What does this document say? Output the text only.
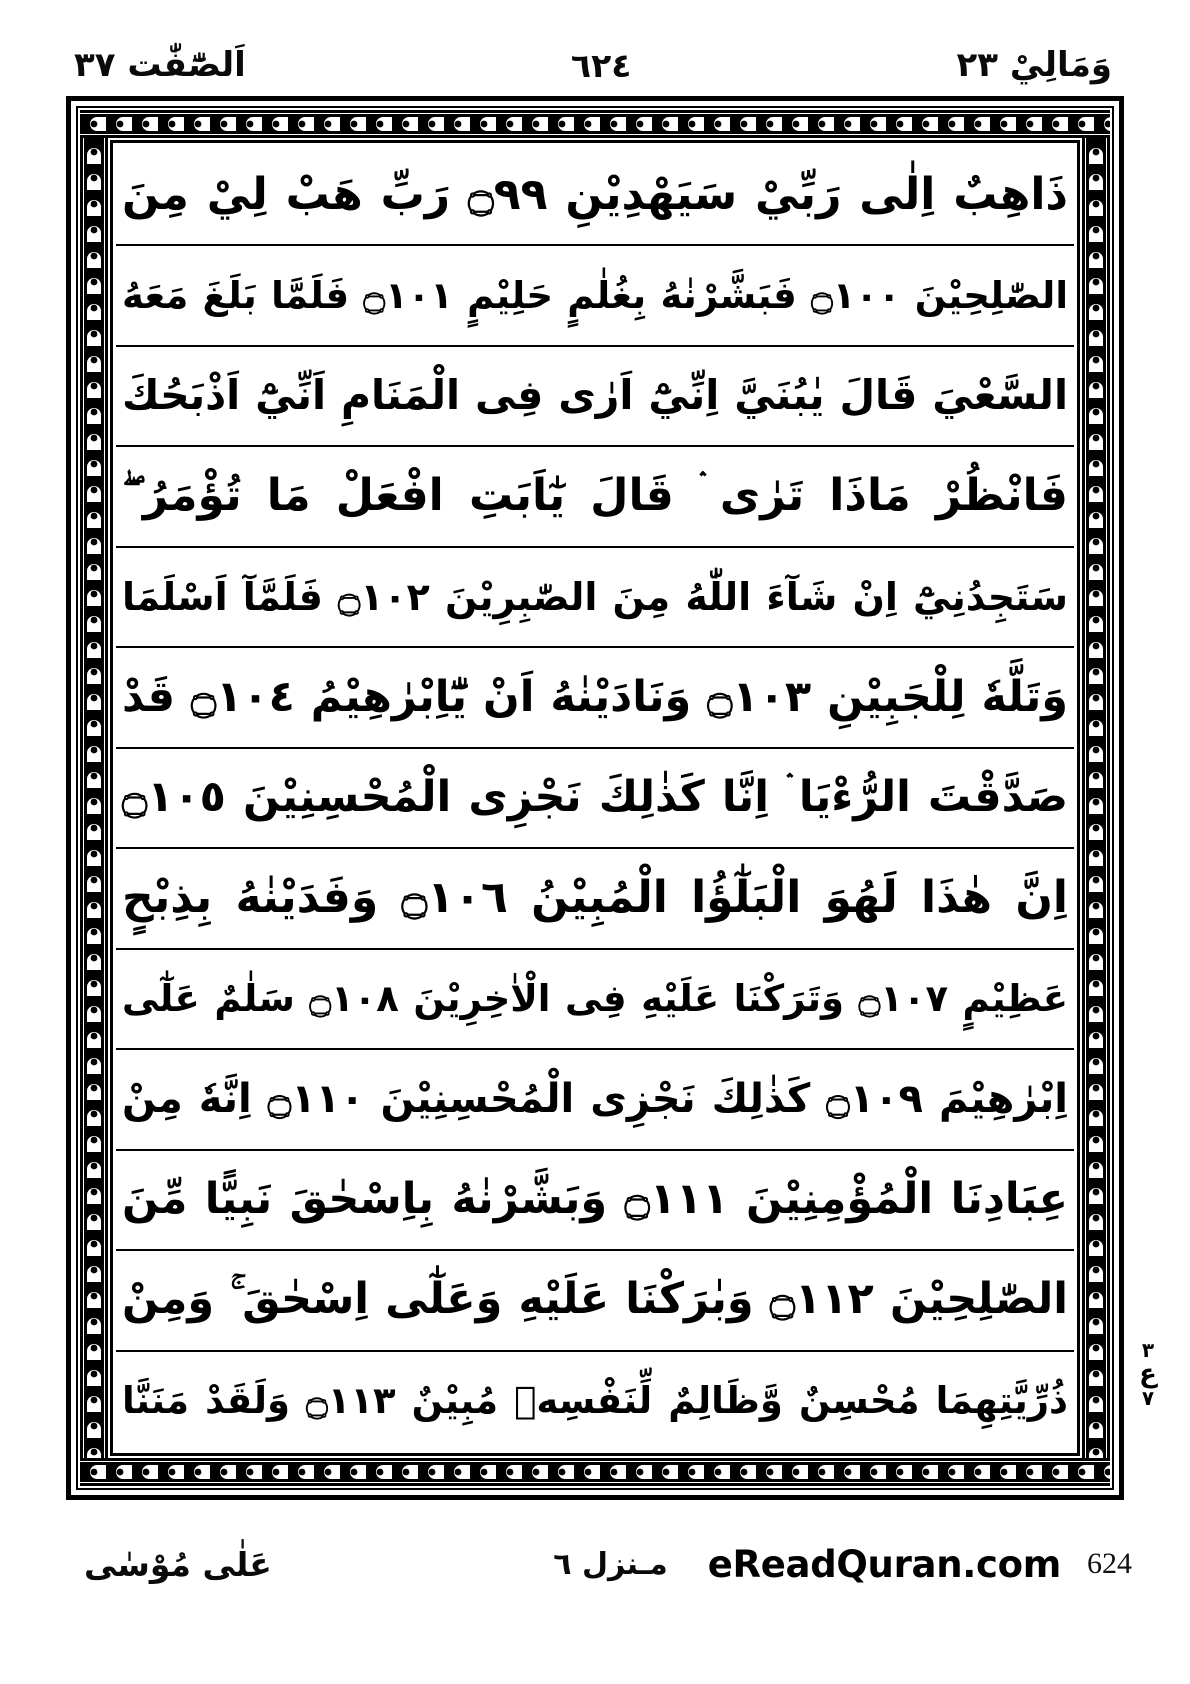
وَمَالِيْ ٢٣
٦٢٤
اَلصّٰٓفّٰت ٣٧
ذَاهِبٌ اِلٰى رَبِّيْ سَيَهْدِيْنِ ۝٩٩ رَبِّ هَبْ لِيْ مِنَ
الصّٰلِحِيْنَ ۝١٠٠ فَبَشَّرْنٰهُ بِغُلٰمٍ حَلِيْمٍ ۝١٠١ فَلَمَّا بَلَغَ مَعَهُ
السَّعْيَ قَالَ يٰبُنَيَّ اِنِّيْٓ اَرٰى فِى الْمَنَامِ اَنِّيْٓ اَذْبَحُكَ
فَانْظُرْ مَاذَا تَرٰى ۛ قَالَ يٰٓاَبَتِ افْعَلْ مَا تُؤْمَرُ ۖ
سَتَجِدُنِيْٓ اِنْ شَآءَ اللّٰهُ مِنَ الصّٰبِرِيْنَ ۝١٠٢ فَلَمَّآ اَسْلَمَا
وَتَلَّهٗ لِلْجَبِيْنِ ۝١٠٣ وَنَادَيْنٰهُ اَنْ يّٰٓاِبْرٰهِيْمُ ۝١٠٤ قَدْ
صَدَّقْتَ الرُّءْيَا ۛ اِنَّا كَذٰلِكَ نَجْزِى الْمُحْسِنِيْنَ ۝١٠٥
اِنَّ هٰذَا لَهُوَ الْبَلٰٓؤُا الْمُبِيْنُ ۝١٠٦ وَفَدَيْنٰهُ بِذِبْحٍ
عَظِيْمٍ ۝١٠٧ وَتَرَكْنَا عَلَيْهِ فِى الْاٰخِرِيْنَ ۝١٠٨ سَلٰمٌ عَلٰٓى
اِبْرٰهِيْمَ ۝١٠٩ كَذٰلِكَ نَجْزِى الْمُحْسِنِيْنَ ۝١١٠ اِنَّهٗ مِنْ
عِبَادِنَا الْمُؤْمِنِيْنَ ۝١١١ وَبَشَّرْنٰهُ بِاِسْحٰقَ نَبِيًّا مِّنَ
الصّٰلِحِيْنَ ۝١١٢ وَبٰرَكْنَا عَلَيْهِ وَعَلٰٓى اِسْحٰقَ ۚ وَمِنْ
ذُرِّيَّتِهِمَا مُحْسِنٌ وَّظَالِمٌ لِّنَفْسِهٖ مُبِيْنٌ ۝١١٣ وَلَقَدْ مَنَنَّا
٣
ع
٧
عَلٰى مُوْسٰى	مـنزل ٦	eReadQuran.com 624
